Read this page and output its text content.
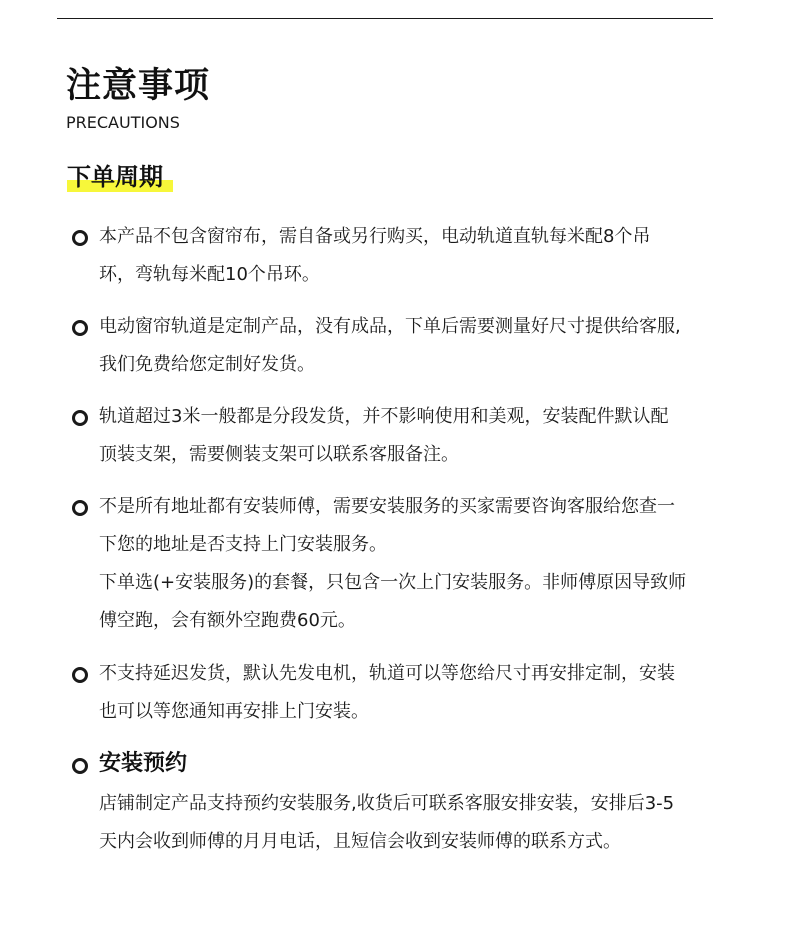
注意事项
PRECAUTIONS
下单周期
本产品不包含窗帘布，需自备或另行购买，电动轨道直轨每米配8个吊
环，弯轨每米配10个吊环。
电动窗帘轨道是定制产品，没有成品，下单后需要测量好尺寸提供给客服,
我们免费给您定制好发货。
轨道超过3米一般都是分段发货，并不影响使用和美观，安装配件默认配
顶装支架，需要侧装支架可以联系客服备注。
不是所有地址都有安装师傅，需要安装服务的买家需要咨询客服给您查一
下您的地址是否支持上门安装服务。
下单选(+安装服务)的套餐，只包含一次上门安装服务。非师傅原因导致师
傅空跑，会有额外空跑费60元。
不支持延迟发货，默认先发电机，轨道可以等您给尺寸再安排定制，安装
也可以等您通知再安排上门安装。
安装预约
店铺制定产品支持预约安装服务,收货后可联系客服安排安装，安排后3-5
天内会收到师傅的月月电话，且短信会收到安装师傅的联系方式。
